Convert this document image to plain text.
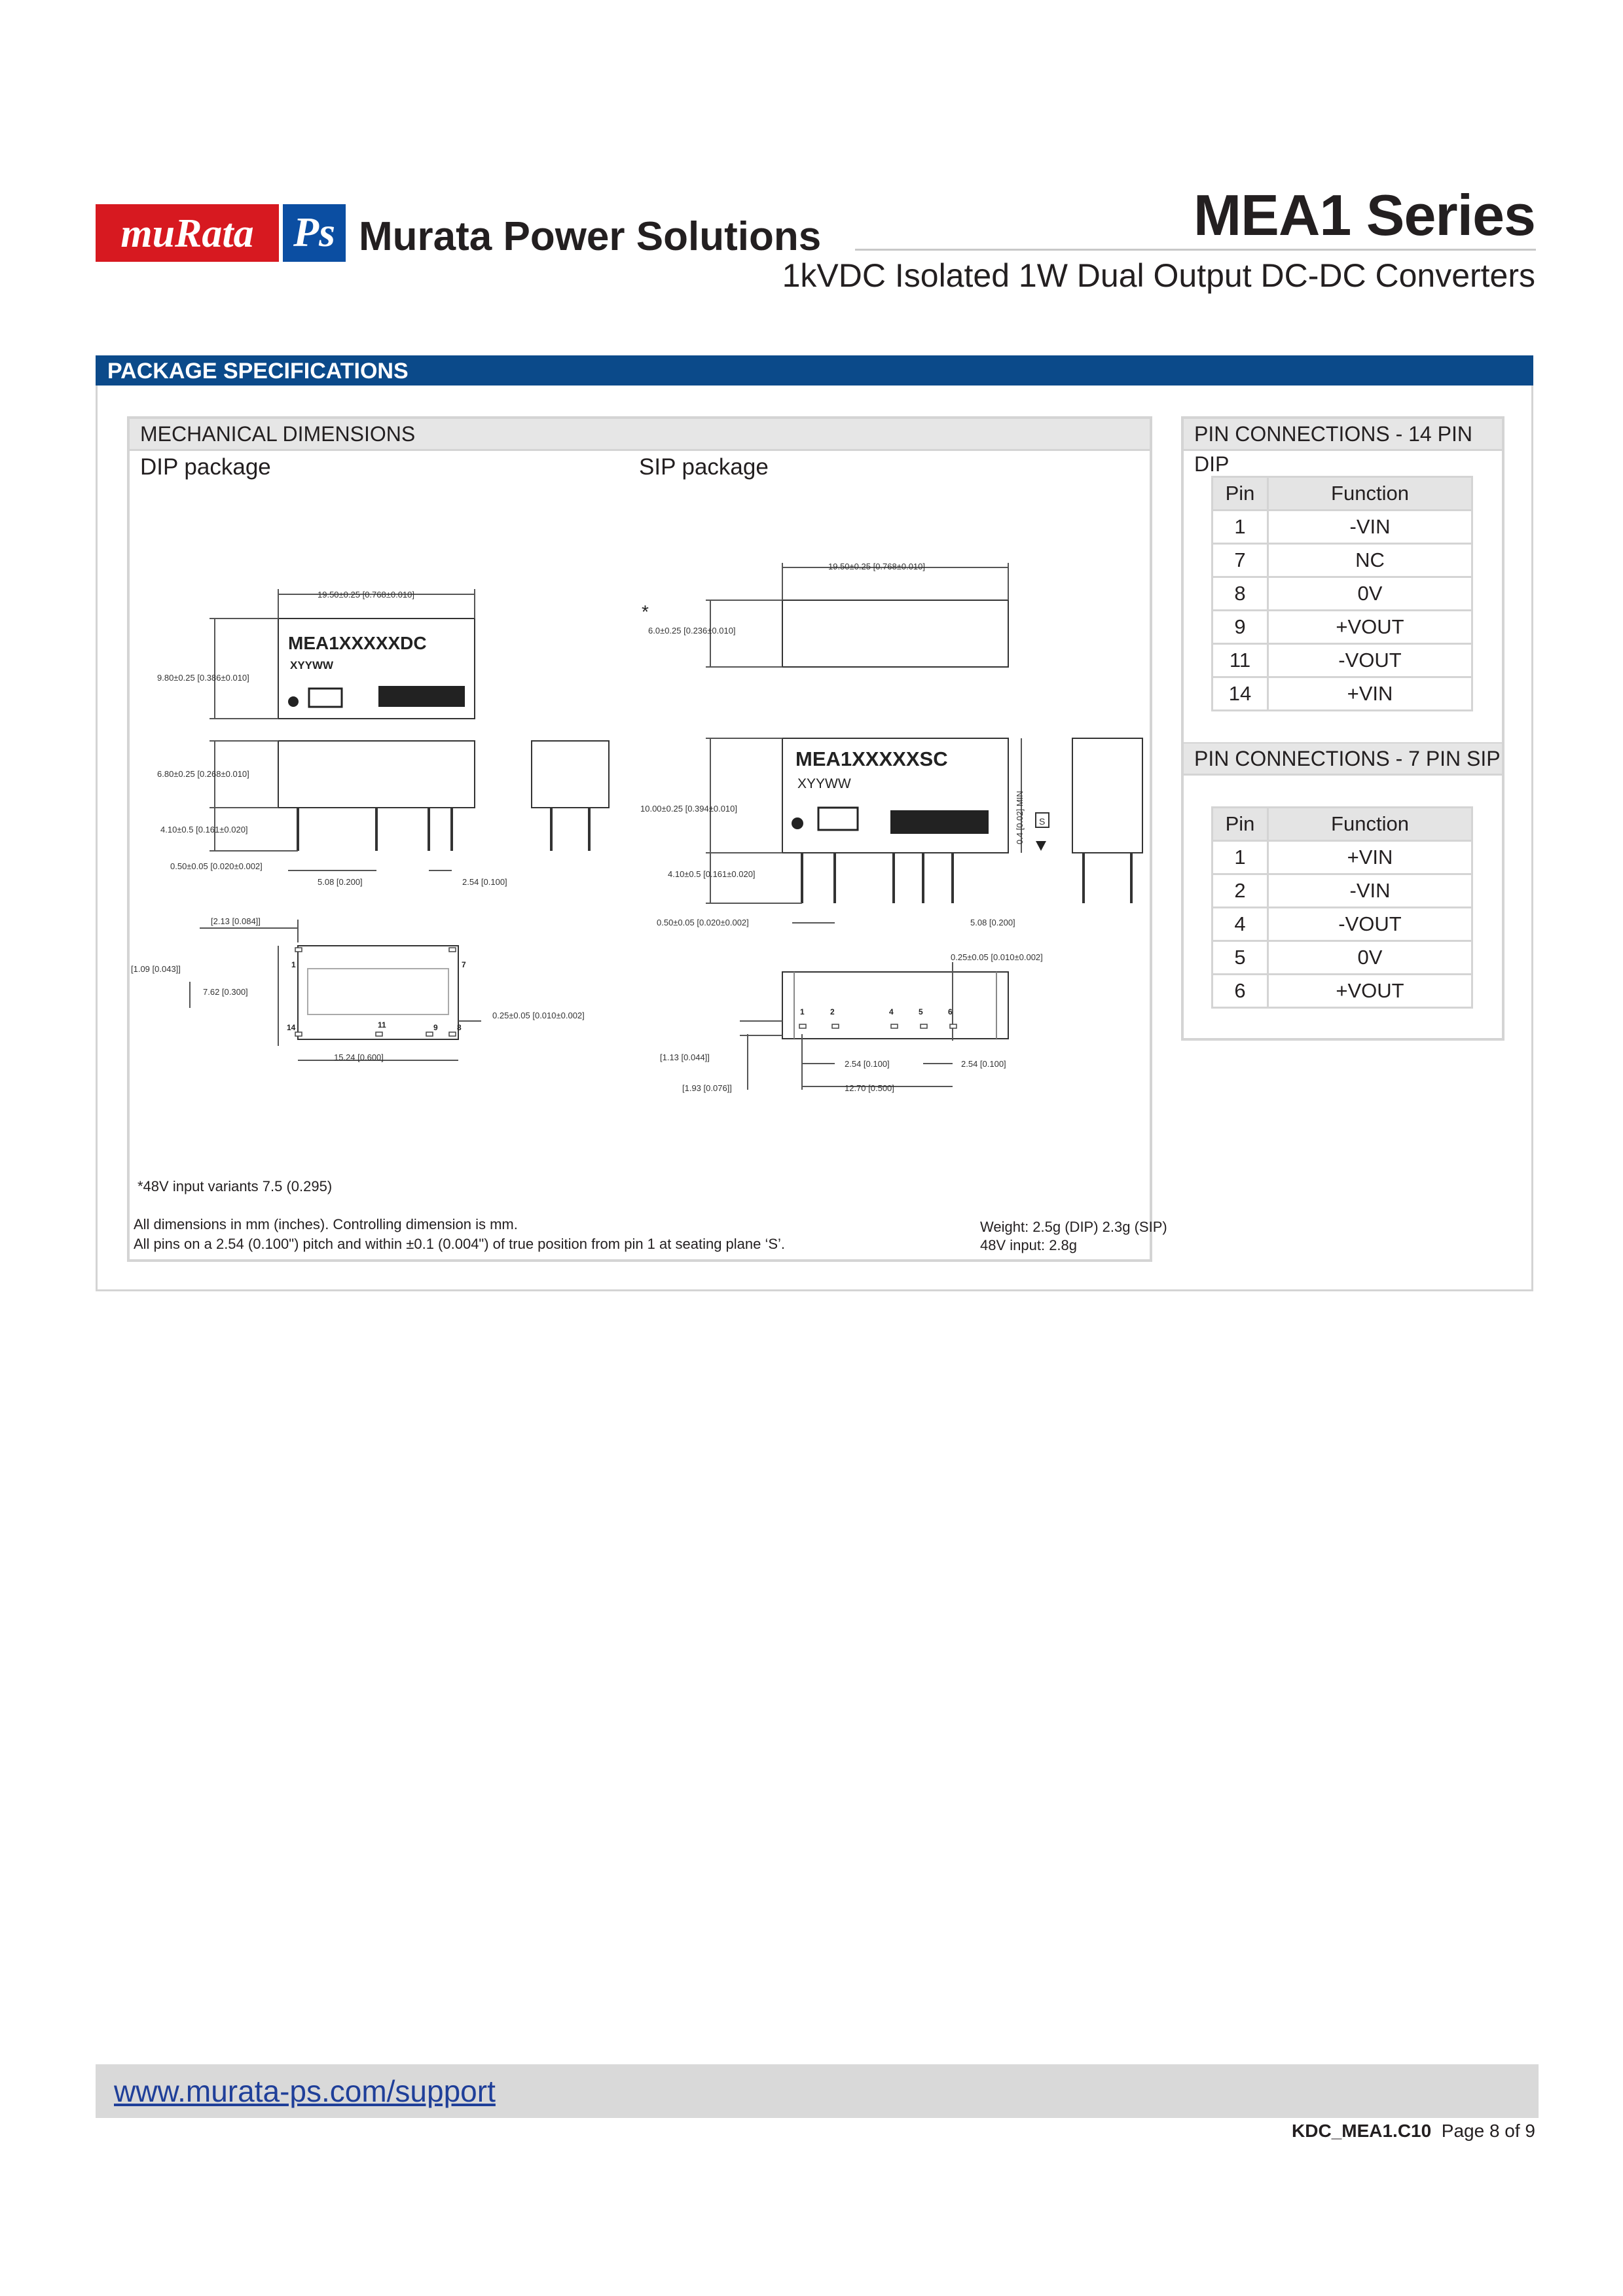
muRata Ps Murata Power Solutions	MEA1 Series
1kVDC Isolated 1W Dual Output DC-DC Converters
PACKAGE SPECIFICATIONS
MECHANICAL DIMENSIONS
DIP package	SIP package
19.50±0.25 [0.768±0.010]
9.80±0.25 [0.386±0.010]
6.80±0.25 [0.268±0.010]
4.10±0.5 [0.161±0.020]
0.50±0.05 [0.020±0.002]
5.08 [0.200]	2.54 [0.100]
[2.13 [0.084]]
[1.09 [0.043]]
7.62 [0.300]
15.24 [0.600]
0.25±0.05 [0.010±0.002]
19.50±0.25 [0.768±0.010]
6.0±0.25 [0.236±0.010]
10.00±0.25 [0.394±0.010]
4.10±0.5 [0.161±0.020]
0.50±0.05 [0.020±0.002]	5.08 [0.200]
0.25±0.05 [0.010±0.002]
[1.13 [0.044]]
[1.93 [0.076]]
2.54 [0.100]	2.54 [0.100]
12.70 [0.500]
S
0.4 [0.02] MIN
*
MEA1XXXXXDC
XYYWW
MEA1XXXXXSC
XYYWW
1	7
14	11	9 8
1	2	4	5	6
*48V input variants 7.5 (0.295)
All dimensions in mm (inches). Controlling dimension is mm.
All pins on a 2.54 (0.100") pitch and within ±0.1 (0.004") of true position from pin 1 at seating plane ‘S’.
Weight: 2.5g (DIP) 2.3g (SIP)
48V input: 2.8g
PIN CONNECTIONS - 14 PIN DIP
Pin	Function
1	-VIN
7	NC
8	0V
9	+VOUT
11	-VOUT
14	+VIN
PIN CONNECTIONS - 7 PIN SIP
Pin	Function
1	+VIN
2	-VIN
4	-VOUT
5	0V
6	+VOUT
www.murata-ps.com/support
KDC_MEA1.C10 Page 8 of 9
